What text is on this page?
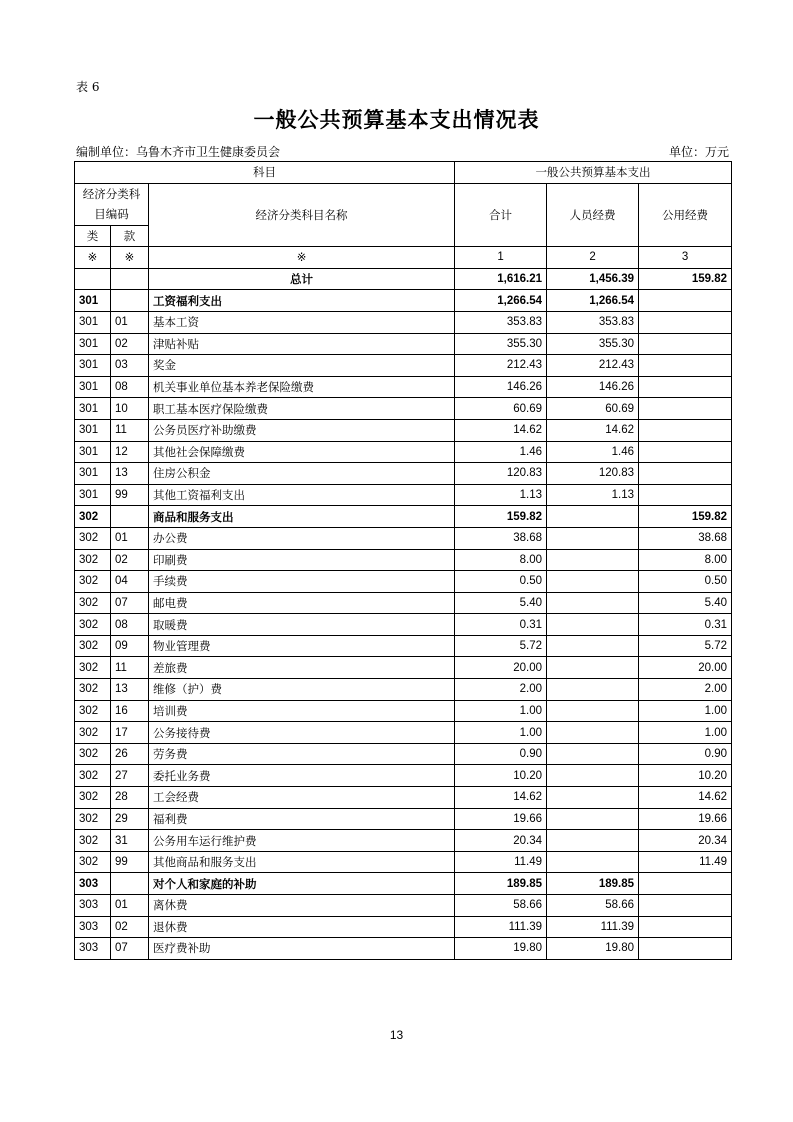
表 6
一般公共预算基本支出情况表
编制单位：乌鲁木齐市卫生健康委员会	单位：万元
科目			一般公共预算基本支出		
经济分类科目编码		经济分类科目名称	合计	人员经费	公用经费
类	款				
※	※	※	1	2	3
		总计	1,616.21	1,456.39	159.82
301		工资福利支出	1,266.54	1,266.54	
301	01	基本工资	353.83	353.83	
301	02	津贴补贴	355.30	355.30	
301	03	奖金	212.43	212.43	
301	08	机关事业单位基本养老保险缴费	146.26	146.26	
301	10	职工基本医疗保险缴费	60.69	60.69	
301	11	公务员医疗补助缴费	14.62	14.62	
301	12	其他社会保障缴费	1.46	1.46	
301	13	住房公积金	120.83	120.83	
301	99	其他工资福利支出	1.13	1.13	
302		商品和服务支出	159.82		159.82
302	01	办公费	38.68		38.68
302	02	印刷费	8.00		8.00
302	04	手续费	0.50		0.50
302	07	邮电费	5.40		5.40
302	08	取暖费	0.31		0.31
302	09	物业管理费	5.72		5.72
302	11	差旅费	20.00		20.00
302	13	维修（护）费	2.00		2.00
302	16	培训费	1.00		1.00
302	17	公务接待费	1.00		1.00
302	26	劳务费	0.90		0.90
302	27	委托业务费	10.20		10.20
302	28	工会经费	14.62		14.62
302	29	福利费	19.66		19.66
302	31	公务用车运行维护费	20.34		20.34
302	99	其他商品和服务支出	11.49		11.49
303		对个人和家庭的补助	189.85	189.85	
303	01	离休费	58.66	58.66	
303	02	退休费	111.39	111.39	
303	07	医疗费补助	19.80	19.80	
13
